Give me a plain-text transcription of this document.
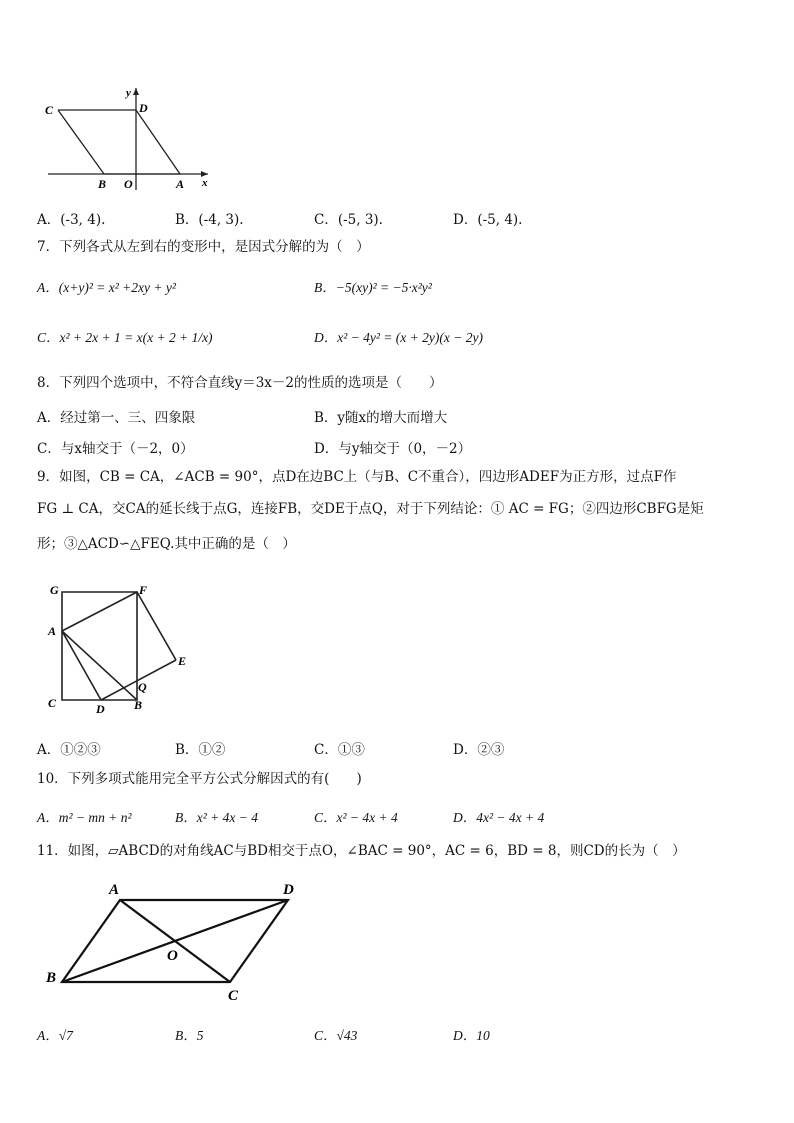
y
x
C	D
B O	A
A．(-3, 4).	B．(-4, 3).	C．(-5, 3).	D．(-5, 4).
7．下列各式从左到右的变形中，是因式分解的为（　）
A．(x+y)² = x² +2xy + y²	B．−5(xy)² = −5·x²y²
C．x² + 2x + 1 = x(x + 2 + 1/x)	D．x² − 4y² = (x + 2y)(x − 2y)
8．下列四个选项中，不符合直线y＝3x－2的性质的选项是（　　）
A．经过第一、三、四象限	B．y随x的增大而增大
C．与x轴交于（－2，0）	D．与y轴交于（0，－2）
9．如图，CB = CA，∠ACB = 90°，点D在边BC上（与B、C不重合），四边形ADEF为正方形，过点F作
FG ⊥ CA，交CA的延长线于点G，连接FB，交DE于点Q，对于下列结论：① AC = FG；②四边形CBFG是矩
形；③△ACD∽△FEQ.其中正确的是（　）
G	F
A
E
C
Q
D B
A．①②③	B．①②	C．①③	D．②③
10．下列多项式能用完全平方公式分解因式的有(　　)
A．m² − mn + n²	B．x² + 4x − 4	C．x² − 4x + 4	D．4x² − 4x + 4
11．如图，▱ABCD的对角线AC与BD相交于点O，∠BAC = 90°，AC = 6，BD = 8，则CD的长为（　）
A	D
O
B
C
A．√7	B．5	C．√43	D．10
